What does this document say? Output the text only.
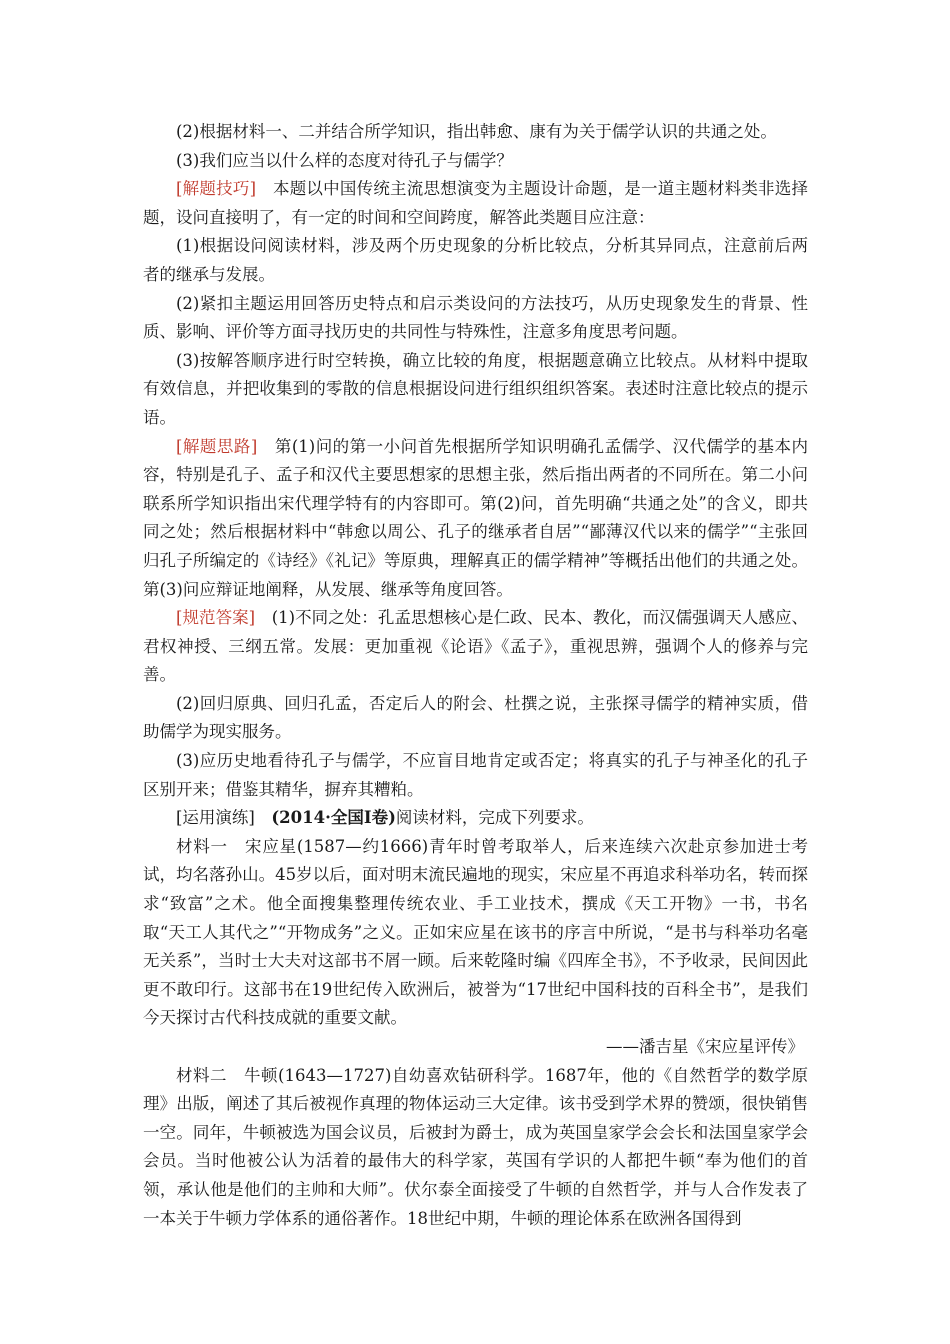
(2)根据材料一、二并结合所学知识，指出韩愈、康有为关于儒学认识的共通之处。

(3)我们应当以什么样的态度对待孔子与儒学？

[解题技巧]　本题以中国传统主流思想演变为主题设计命题，是一道主题材料类非选择题，设问直接明了，有一定的时间和空间跨度，解答此类题目应注意：

(1)根据设问阅读材料，涉及两个历史现象的分析比较点，分析其异同点，注意前后两者的继承与发展。

(2)紧扣主题运用回答历史特点和启示类设问的方法技巧，从历史现象发生的背景、性质、影响、评价等方面寻找历史的共同性与特殊性，注意多角度思考问题。

(3)按解答顺序进行时空转换，确立比较的角度，根据题意确立比较点。从材料中提取有效信息，并把收集到的零散的信息根据设问进行组织组织答案。表述时注意比较点的提示语。

[解题思路]　第(1)问的第一小问首先根据所学知识明确孔孟儒学、汉代儒学的基本内容，特别是孔子、孟子和汉代主要思想家的思想主张，然后指出两者的不同所在。第二小问联系所学知识指出宋代理学特有的内容即可。第(2)问，首先明确“共通之处”的含义，即共同之处；然后根据材料中“韩愈以周公、孔子的继承者自居”“鄙薄汉代以来的儒学”“主张回归孔子所编定的《诗经》《礼记》等原典，理解真正的儒学精神”等概括出他们的共通之处。第(3)问应辩证地阐释，从发展、继承等角度回答。

[规范答案]　(1)不同之处：孔孟思想核心是仁政、民本、教化，而汉儒强调天人感应、君权神授、三纲五常。发展：更加重视《论语》《孟子》，重视思辨，强调个人的修养与完善。

(2)回归原典、回归孔孟，否定后人的附会、杜撰之说，主张探寻儒学的精神实质，借助儒学为现实服务。

(3)应历史地看待孔子与儒学，不应盲目地肯定或否定；将真实的孔子与神圣化的孔子区别开来；借鉴其精华，摒弃其糟粕。

[运用演练]　(2014·全国Ⅰ卷)阅读材料，完成下列要求。

材料一　宋应星(1587—约1666)青年时曾考取举人，后来连续六次赴京参加进士考试，均名落孙山。45岁以后，面对明末流民遍地的现实，宋应星不再追求科举功名，转而探求“致富”之术。他全面搜集整理传统农业、手工业技术，撰成《天工开物》一书，书名取“天工人其代之”“开物成务”之义。正如宋应星在该书的序言中所说，“是书与科举功名毫无关系”，当时士大夫对这部书不屑一顾。后来乾隆时编《四库全书》，不予收录，民间因此更不敢印行。这部书在19世纪传入欧洲后，被誉为“17世纪中国科技的百科全书”，是我们今天探讨古代科技成就的重要文献。

——潘吉星《宋应星评传》

材料二　牛顿(1643—1727)自幼喜欢钻研科学。1687年，他的《自然哲学的数学原理》出版，阐述了其后被视作真理的物体运动三大定律。该书受到学术界的赞颂，很快销售一空。同年，牛顿被选为国会议员，后被封为爵士，成为英国皇家学会会长和法国皇家学会会员。当时他被公认为活着的最伟大的科学家，英国有学识的人都把牛顿“奉为他们的首领，承认他是他们的主帅和大师”。伏尔泰全面接受了牛顿的自然哲学，并与人合作发表了一本关于牛顿力学体系的通俗著作。18世纪中期，牛顿的理论体系在欧洲各国得到
